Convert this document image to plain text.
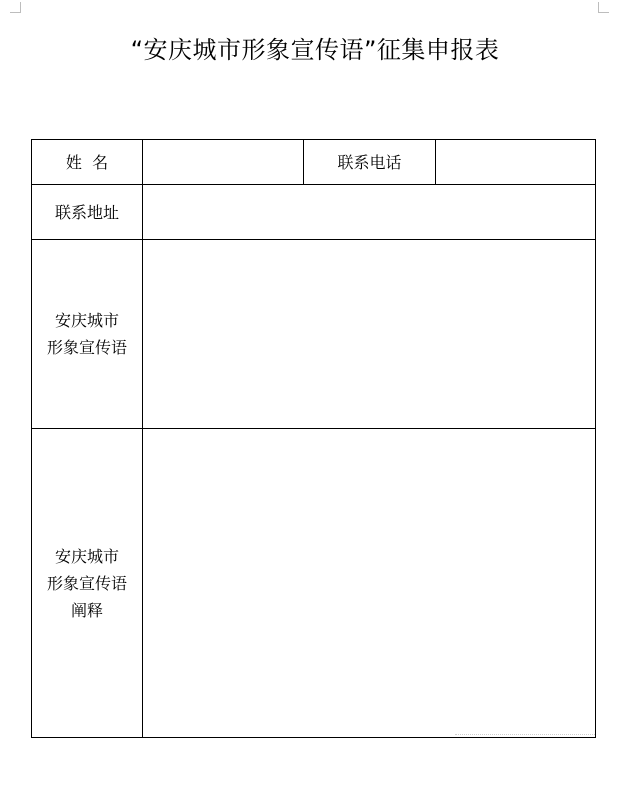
“安庆城市形象宣传语”征集申报表
姓  名		联系电话	
联系地址			

安庆城市
形象宣传语			

安庆城市
形象宣传语
阐释			
